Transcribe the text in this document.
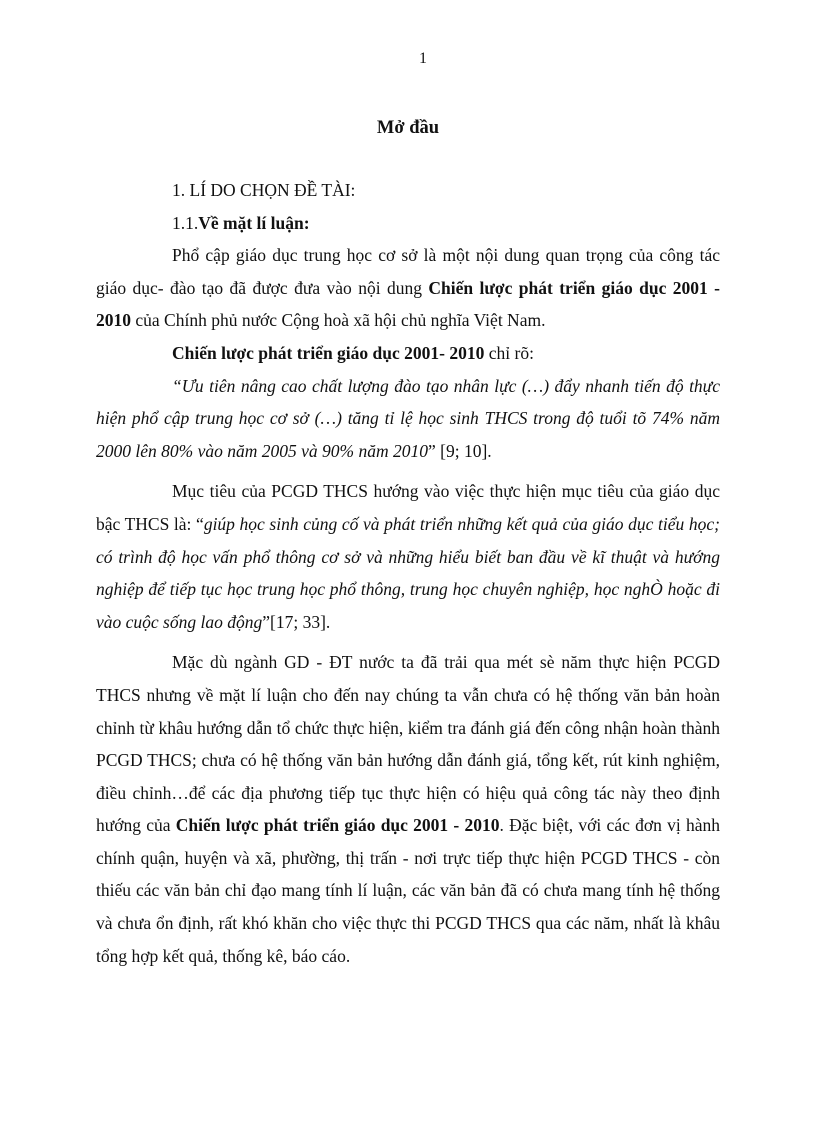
1
Mở đầu

1. LÍ DO CHỌN ĐỀ TÀI:

1.1.Về mặt lí luận:

Phổ cập giáo dục trung học cơ sở là một nội dung quan trọng của công tác giáo dục- đào tạo đã được đưa vào nội dung Chiến lược phát triển giáo dục 2001 - 2010 của Chính phủ nước Cộng hoà xã hội chủ nghĩa Việt Nam.

Chiến lược phát triển giáo dục 2001- 2010 chỉ rõ:

“Ưu tiên nâng cao chất lượng đào tạo nhân lực (…) đẩy nhanh tiến độ thực hiện phổ cập trung học cơ sở (…) tăng tỉ lệ học sinh THCS trong độ tuổi tõ 74% năm 2000 lên 80% vào năm 2005 và 90% năm 2010” [9; 10].

Mục tiêu của PCGD THCS hướng vào việc thực hiện mục tiêu của giáo dục bậc THCS là: “giúp học sinh củng cố và phát triển những kết quả của giáo dục tiểu học; có trình độ học vấn phổ thông cơ sở và những hiểu biết ban đầu về kĩ thuật và hướng nghiệp để tiếp tục học trung học phổ thông, trung học chuyên nghiệp, học nghÒ hoặc đi vào cuộc sống lao động”[17; 33].

Mặc dù ngành GD - ĐT nước ta đã trải qua mét sè năm thực hiện PCGD THCS nhưng về mặt lí luận cho đến nay chúng ta vẫn chưa có hệ thống văn bản hoàn chỉnh từ khâu hướng dẫn tổ chức thực hiện, kiểm tra đánh giá đến công nhận hoàn thành PCGD THCS; chưa có hệ thống văn bản hướng dẫn đánh giá, tổng kết, rút kinh nghiệm, điều chỉnh…để các địa phương tiếp tục thực hiện có hiệu quả công tác này theo định hướng của Chiến lược phát triển giáo dục 2001 - 2010. Đặc biệt, với các đơn vị hành chính quận, huyện và xã, phường, thị trấn - nơi trực tiếp thực hiện PCGD THCS - còn thiếu các văn bản chỉ đạo mang tính lí luận, các văn bản đã có chưa mang tính hệ thống và chưa ổn định, rất khó khăn cho việc thực thi PCGD THCS qua các năm, nhất là khâu tổng hợp kết quả, thống kê, báo cáo.
